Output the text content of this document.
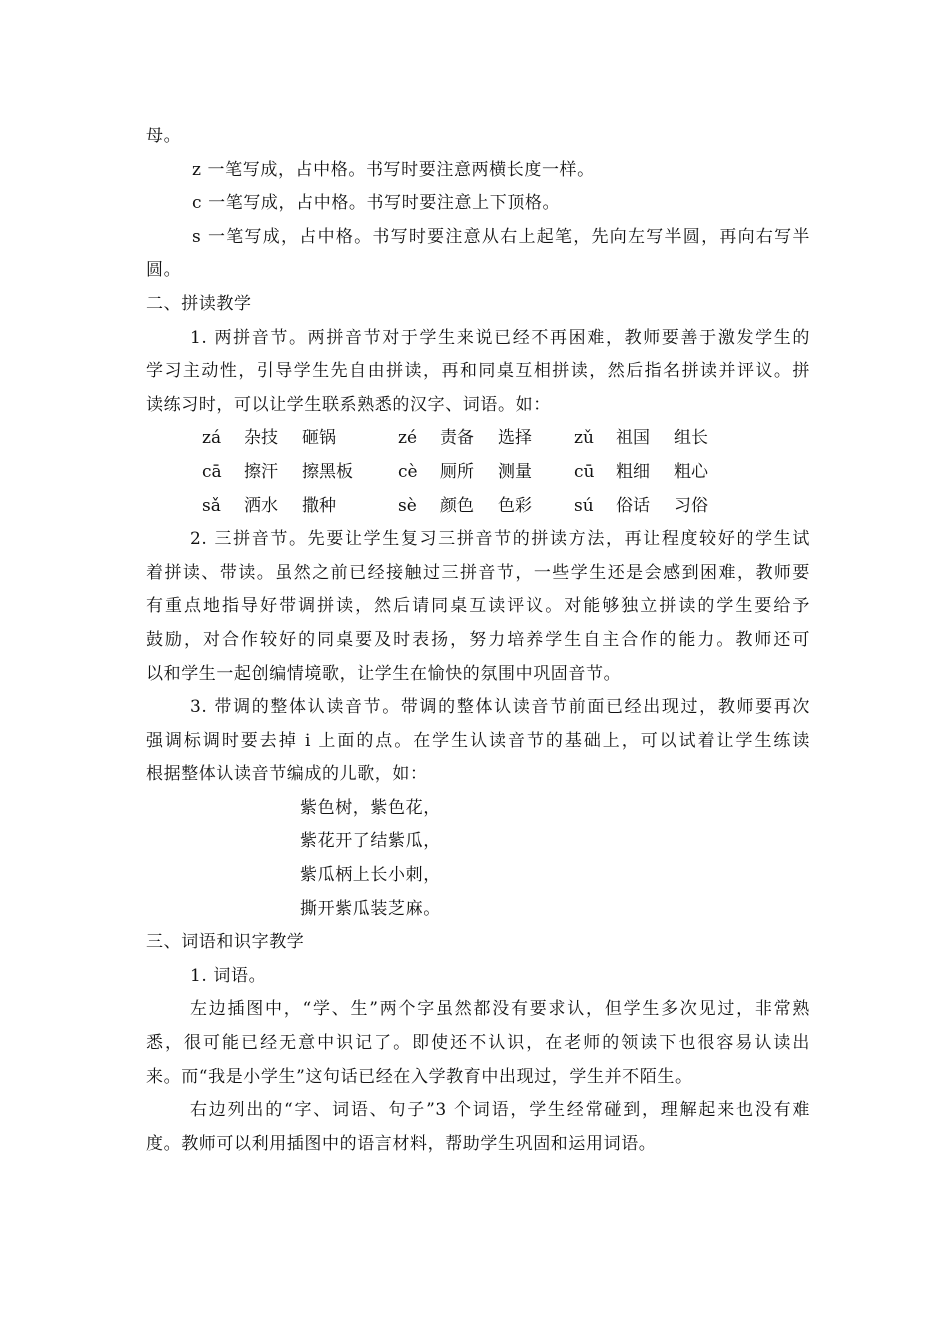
母。
z 一笔写成，占中格。书写时要注意两横长度一样。
c 一笔写成，占中格。书写时要注意上下顶格。
s 一笔写成，占中格。书写时要注意从右上起笔，先向左写半圆，再向右写半
圆。
二、拼读教学
1. 两拼音节。两拼音节对于学生来说已经不再困难，教师要善于激发学生的
学习主动性，引导学生先自由拼读，再和同桌互相拼读，然后指名拼读并评议。拼
读练习时，可以让学生联系熟悉的汉字、词语。如：
zá	杂技	砸锅	zé	责备	选择	zǔ	祖国	组长
cā	擦汗	擦黑板	cè	厕所	测量	cū	粗细	粗心
sǎ	洒水	撒种	sè	颜色	色彩	sú	俗话	习俗
2. 三拼音节。先要让学生复习三拼音节的拼读方法，再让程度较好的学生试
着拼读、带读。虽然之前已经接触过三拼音节，一些学生还是会感到困难，教师要
有重点地指导好带调拼读，然后请同桌互读评议。对能够独立拼读的学生要给予
鼓励，对合作较好的同桌要及时表扬，努力培养学生自主合作的能力。教师还可
以和学生一起创编情境歌，让学生在愉快的氛围中巩固音节。
3. 带调的整体认读音节。带调的整体认读音节前面已经出现过，教师要再次
强调标调时要去掉 i 上面的点。在学生认读音节的基础上，可以试着让学生练读
根据整体认读音节编成的儿歌，如：
紫色树，紫色花，
紫花开了结紫瓜，
紫瓜柄上长小刺，
撕开紫瓜装芝麻。
三、词语和识字教学
1. 词语。
左边插图中，“学、生”两个字虽然都没有要求认，但学生多次见过，非常熟
悉，很可能已经无意中识记了。即使还不认识，在老师的领读下也很容易认读出
来。而“我是小学生”这句话已经在入学教育中出现过，学生并不陌生。
右边列出的“字、词语、句子”3 个词语，学生经常碰到，理解起来也没有难
度。教师可以利用插图中的语言材料，帮助学生巩固和运用词语。
